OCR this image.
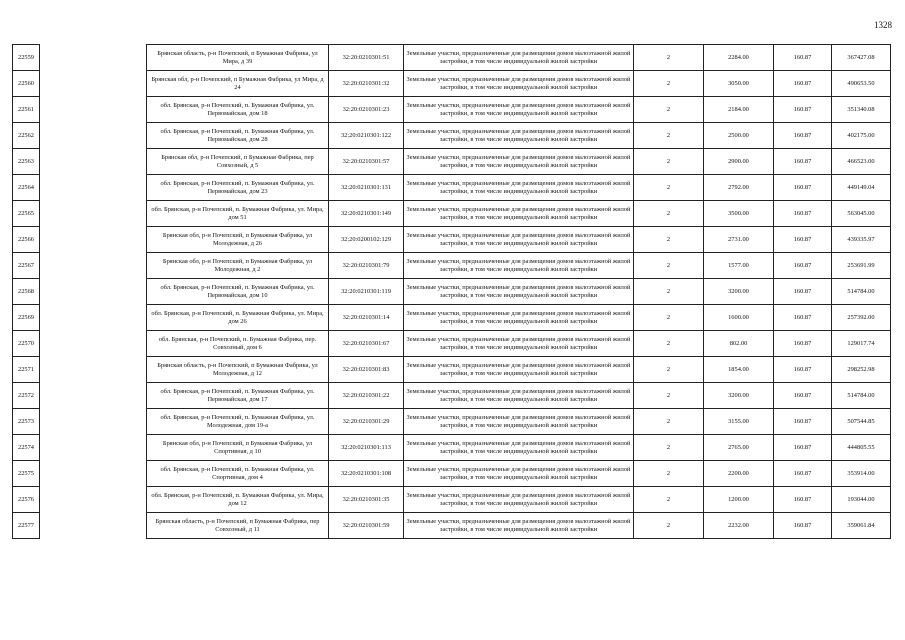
1328
22559		Брянская область, р-н Почепский, п Бумажная Фабрика, ул Мира, д 39	32:20:0210301:51	Земельные участки, предназначенные для размещения домов малоэтажной жилой застройки, в том числе индивидуальной жилой застройки	2	2284.00	160.87	367427.08
22560		Брянская обл, р-н Почепский, п Бумажная Фабрика, ул Мира, д 24	32:20:0210301:32	Земельные участки, предназначенные для размещения домов малоэтажной жилой застройки, в том числе индивидуальной жилой застройки	2	3050.00	160.87	490653.50
22561		обл. Брянская, р-н Почепский, п. Бумажная Фабрика, ул. Первомайская, дом 18	32:20:0210301:23	Земельные участки, предназначенные для размещения домов малоэтажной жилой застройки, в том числе индивидуальной жилой застройки	2	2184.00	160.87	351340.08
22562		обл. Брянская, р-н Почепский, п. Бумажная Фабрика, ул. Первомайская, дом 28	32:20:0210301:122	Земельные участки, предназначенные для размещения домов малоэтажной жилой застройки, в том числе индивидуальной жилой застройки	2	2500.00	160.87	402175.00
22563		Брянская обл, р-н Почепский, п Бумажная Фабрика, пер Совхозный, д 5	32:20:0210301:57	Земельные участки, предназначенные для размещения домов малоэтажной жилой застройки, в том числе индивидуальной жилой застройки	2	2900.00	160.87	466523.00
22564		обл. Брянская, р-н Почепский, п. Бумажная Фабрика, ул. Первомайская, дом 23	32:20:0210301:131	Земельные участки, предназначенные для размещения домов малоэтажной жилой застройки, в том числе индивидуальной жилой застройки	2	2792.00	160.87	449149.04
22565		обл. Брянская, р-н Почепский, п. Бумажная Фабрика, ул. Мира, дом 51	32:20:0210301:149	Земельные участки, предназначенные для размещения домов малоэтажной жилой застройки, в том числе индивидуальной жилой застройки	2	3500.00	160.87	563045.00
22566		Брянская обл, р-н Почепский, п Бумажная Фабрика, ул Молодежная, д 26	32:20:0200102:129	Земельные участки, предназначенные для размещения домов малоэтажной жилой застройки, в том числе индивидуальной жилой застройки	2	2731.00	160.87	439335.97
22567		Брянская обл, р-н Почепский, п Бумажная Фабрика, ул Молодежная, д 2	32:20:0210301:79	Земельные участки, предназначенные для размещения домов малоэтажной жилой застройки, в том числе индивидуальной жилой застройки	2	1577.00	160.87	253691.99
22568		обл. Брянская, р-н Почепский, п. Бумажная Фабрика, ул. Первомайская, дом 10	32:20:0210301:119	Земельные участки, предназначенные для размещения домов малоэтажной жилой застройки, в том числе индивидуальной жилой застройки	2	3200.00	160.87	514784.00
22569		обл. Брянская, р-н Почепский, п. Бумажная Фабрика, ул. Мира, дом 26	32:20:0210301:14	Земельные участки, предназначенные для размещения домов малоэтажной жилой застройки, в том числе индивидуальной жилой застройки	2	1600.00	160.87	257392.00
22570		обл. Брянская, р-н Почепский, п. Бумажная Фабрика, пер. Совхозный, дом 6	32:20:0210301:67	Земельные участки, предназначенные для размещения домов малоэтажной жилой застройки, в том числе индивидуальной жилой застройки	2	802.00	160.87	129017.74
22571		Брянская область, р-н Почепский, п Бумажная Фабрика, ул Молодежная, д 12	32:20:0210301:83	Земельные участки, предназначенные для размещения домов малоэтажной жилой застройки, в том числе индивидуальной жилой застройки	2	1854.00	160.87	298252.98
22572		обл. Брянская, р-н Почепский, п. Бумажная Фабрика, ул. Первомайская, дом 17	32:20:0210301:22	Земельные участки, предназначенные для размещения домов малоэтажной жилой застройки, в том числе индивидуальной жилой застройки	2	3200.00	160.87	514784.00
22573		обл. Брянская, р-н Почепский, п. Бумажная Фабрика, ул. Молодежная, дом 19-а	32:20:0210301:29	Земельные участки, предназначенные для размещения домов малоэтажной жилой застройки, в том числе индивидуальной жилой застройки	2	3155.00	160.87	507544.85
22574		Брянская обл, р-н Почепский, п Бумажная Фабрика, ул Спортивная, д 10	32:20:0210301:113	Земельные участки, предназначенные для размещения домов малоэтажной жилой застройки, в том числе индивидуальной жилой застройки	2	2765.00	160.87	444805.55
22575		обл. Брянская, р-н Почепский, п. Бумажная Фабрика, ул. Спортивная, дом 4	32:20:0210301:108	Земельные участки, предназначенные для размещения домов малоэтажной жилой застройки, в том числе индивидуальной жилой застройки	2	2200.00	160.87	353914.00
22576		обл. Брянская, р-н Почепский, п. Бумажная Фабрика, ул. Мира, дом 12	32:20:0210301:35	Земельные участки, предназначенные для размещения домов малоэтажной жилой застройки, в том числе индивидуальной жилой застройки	2	1200.00	160.87	193044.00
22577		Брянская область, р-н Почепский, п Бумажная Фабрика, пер Совхозный, д 11	32:20:0210301:59	Земельные участки, предназначенные для размещения домов малоэтажной жилой застройки, в том числе индивидуальной жилой застройки	2	2232.00	160.87	359061.84
